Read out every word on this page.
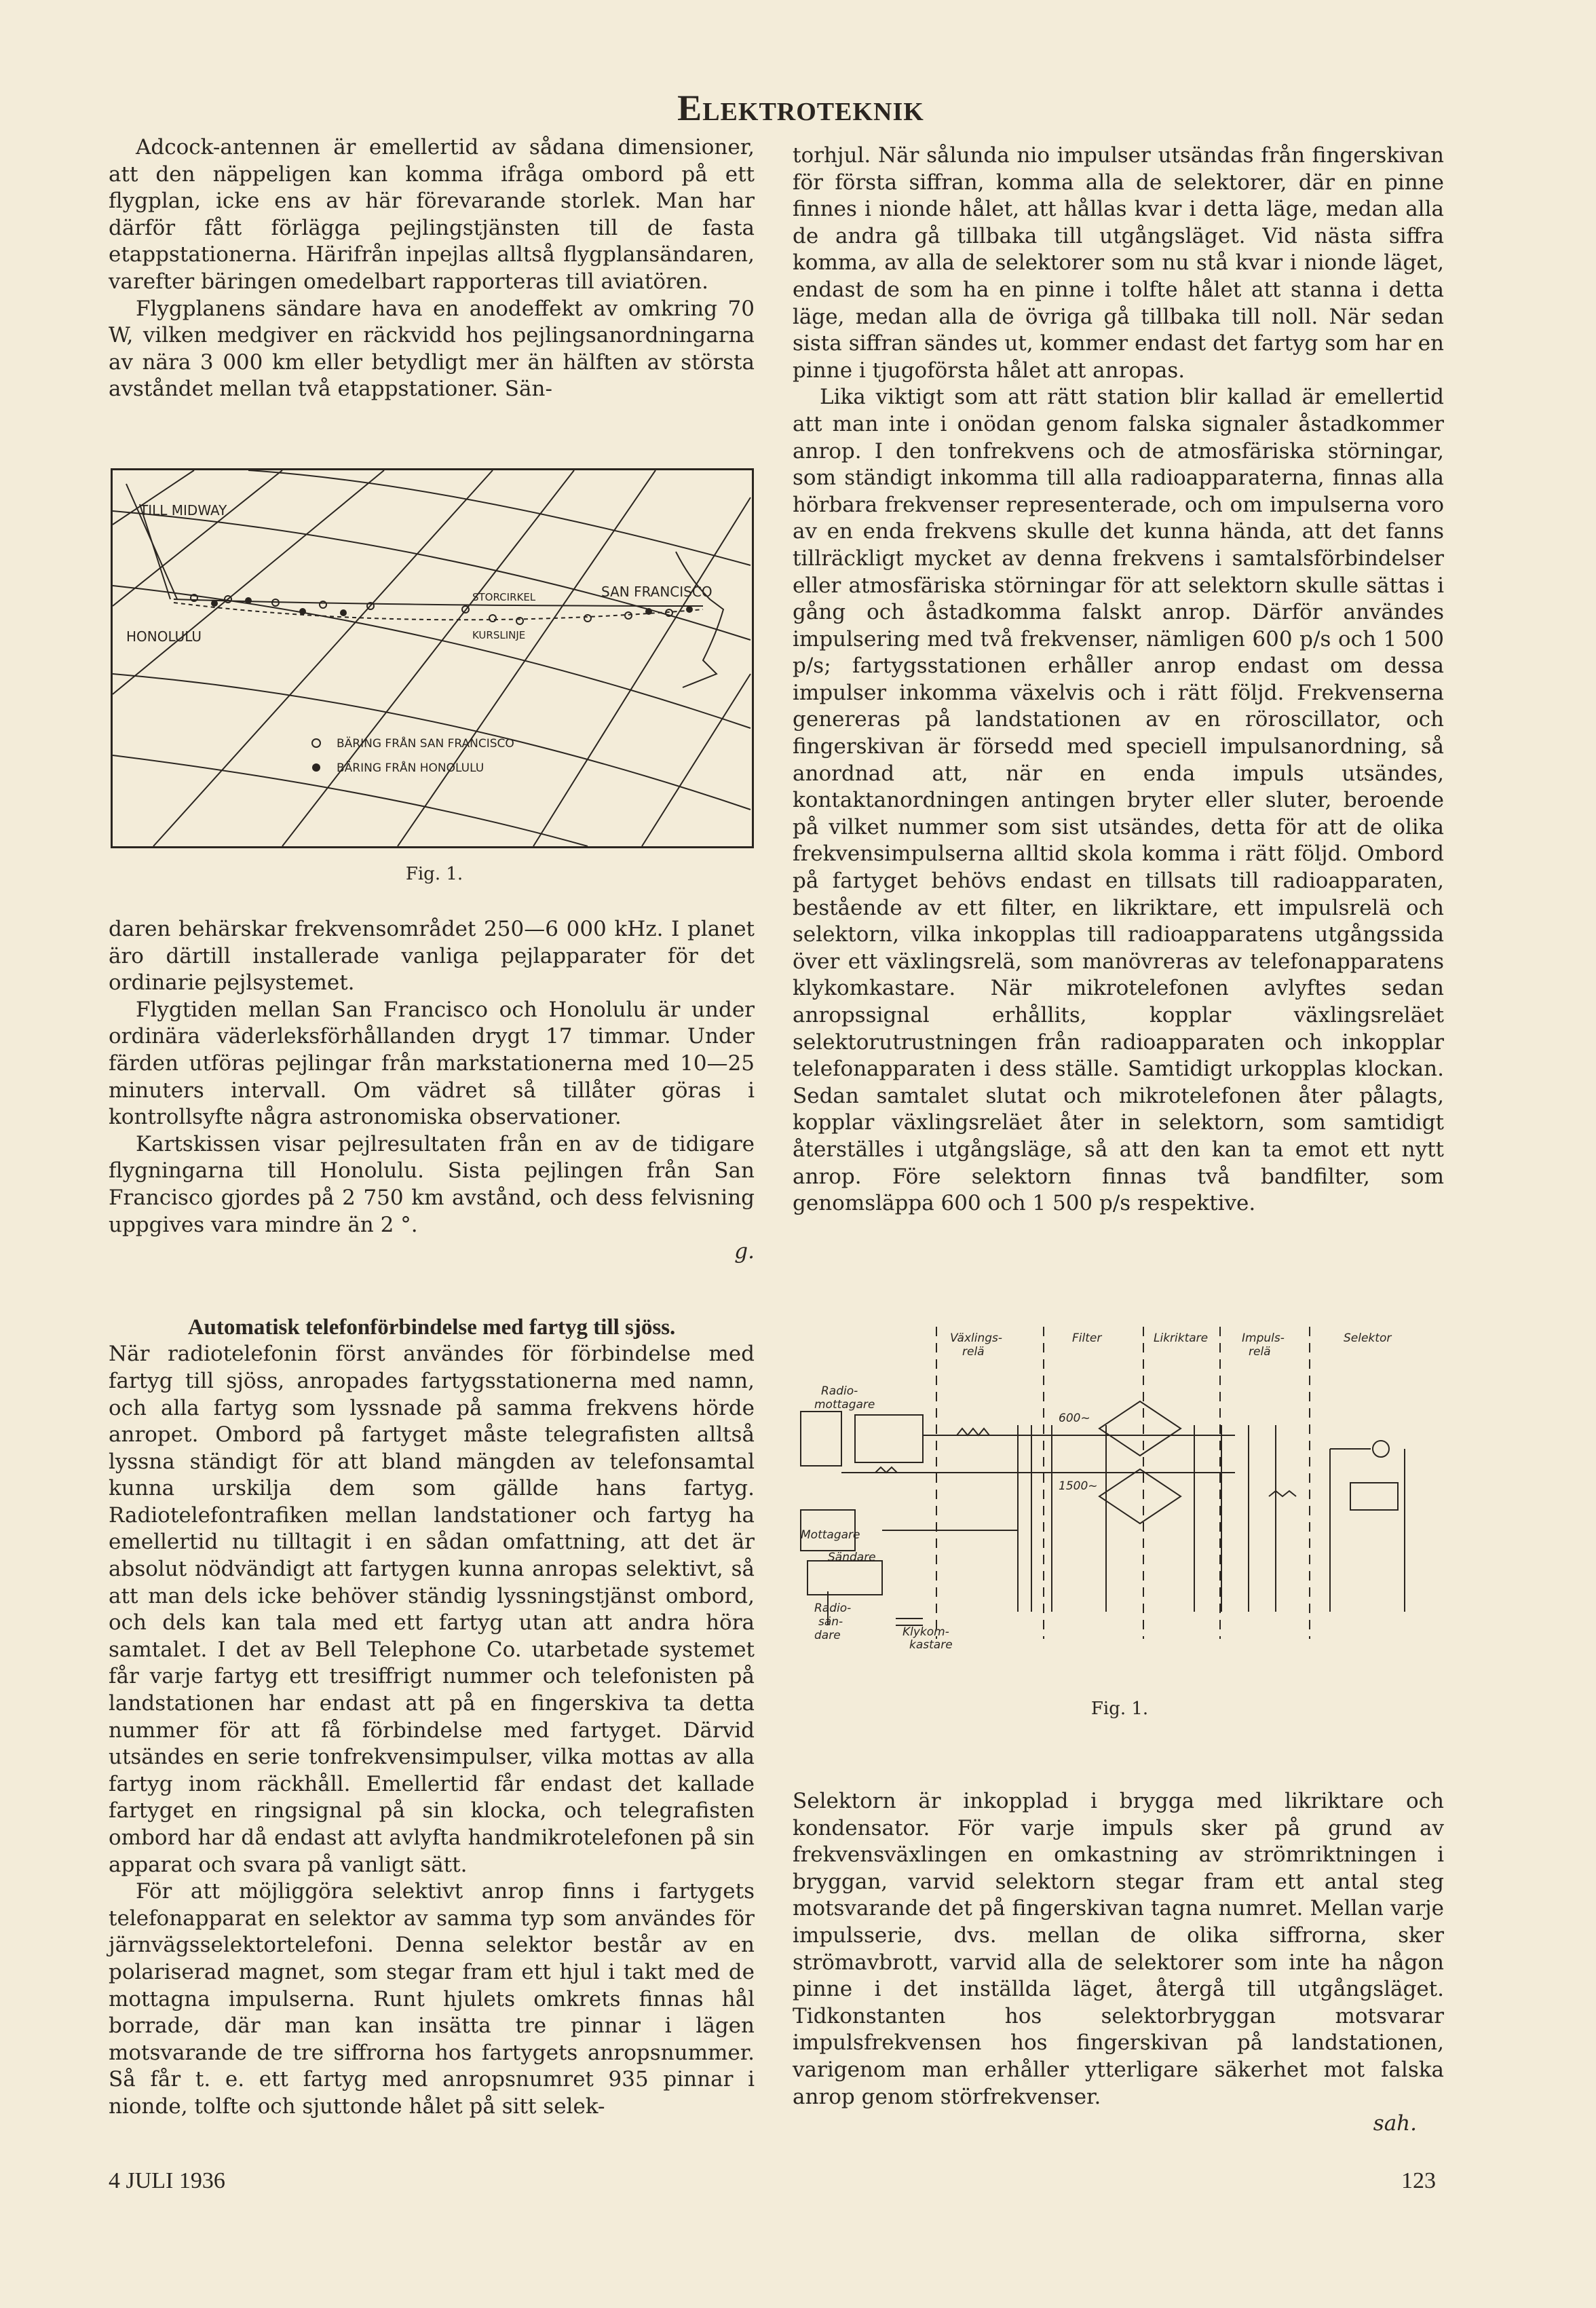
Elektroteknik

Adcock-antennen är emellertid av sådana dimensioner, att den näppeligen kan komma ifråga ombord på ett flygplan, icke ens av här förevarande storlek. Man har därför fått förlägga pejlingstjänsten till de fasta etappstationerna. Härifrån inpejlas alltså flygplansändaren, varefter bäringen omedelbart rapporteras till aviatören.

Flygplanens sändare hava en anodeffekt av omkring 70 W, vilken medgiver en räckvidd hos pejlingsanordningarna av nära 3 000 km eller betydligt mer än hälften av största avståndet mellan två etappstationer. Sän-

TILL MIDWAY
HONOLULU
SAN FRANCISCO
STORCIRKEL
KURSLINJE
BÄRING FRÅN SAN FRANCISCO
BÄRING FRÅN HONOLULU
Fig. 1.

daren behärskar frekvensområdet 250—6 000 kHz. I planet äro därtill installerade vanliga pejlapparater för det ordinarie pejlsystemet.

Flygtiden mellan San Francisco och Honolulu är under ordinära väderleksförhållanden drygt 17 timmar. Under färden utföras pejlingar från markstationerna med 10—25 minuters intervall. Om vädret så tillåter göras i kontrollsyfte några astronomiska observationer.

Kartskissen visar pejlresultaten från en av de tidigare flygningarna till Honolulu. Sista pejlingen från San Francisco gjordes på 2 750 km avstånd, och dess felvisning uppgives vara mindre än 2 °.

g.

Automatisk telefonförbindelse med fartyg till sjöss.

När radiotelefonin först användes för förbindelse med fartyg till sjöss, anropades fartygsstationerna med namn, och alla fartyg som lyssnade på samma frekvens hörde anropet. Ombord på fartyget måste telegrafisten alltså lyssna ständigt för att bland mängden av telefonsamtal kunna urskilja dem som gällde hans fartyg. Radiotelefontrafiken mellan landstationer och fartyg ha emellertid nu tilltagit i en sådan omfattning, att det är absolut nödvändigt att fartygen kunna anropas selektivt, så att man dels icke behöver ständig lyssningstjänst ombord, och dels kan tala med ett fartyg utan att andra höra samtalet. I det av Bell Telephone Co. utarbetade systemet får varje fartyg ett tresiffrigt nummer och telefonisten på landstationen har endast att på en fingerskiva ta detta nummer för att få förbindelse med fartyget. Därvid utsändes en serie tonfrekvensimpulser, vilka mottas av alla fartyg inom räckhåll. Emellertid får endast det kallade fartyget en ringsignal på sin klocka, och telegrafisten ombord har då endast att avlyfta handmikrotelefonen på sin apparat och svara på vanligt sätt.

För att möjliggöra selektivt anrop finns i fartygets telefonapparat en selektor av samma typ som användes för järnvägsselektortelefoni. Denna selektor består av en polariserad magnet, som stegar fram ett hjul i takt med de mottagna impulserna. Runt hjulets omkrets finnas hål borrade, där man kan insätta tre pinnar i lägen motsvarande de tre siffrorna hos fartygets anropsnummer. Så får t. e. ett fartyg med anropsnumret 935 pinnar i nionde, tolfte och sjuttonde hålet på sitt selek-

torhjul. När sålunda nio impulser utsändas från fingerskivan för första siffran, komma alla de selektorer, där en pinne finnes i nionde hålet, att hållas kvar i detta läge, medan alla de andra gå tillbaka till utgångsläget. Vid nästa siffra komma, av alla de selektorer som nu stå kvar i nionde läget, endast de som ha en pinne i tolfte hålet att stanna i detta läge, medan alla de övriga gå tillbaka till noll. När sedan sista siffran sändes ut, kommer endast det fartyg som har en pinne i tjugoförsta hålet att anropas.

Lika viktigt som att rätt station blir kallad är emellertid att man inte i onödan genom falska signaler åstadkommer anrop. I den tonfrekvens och de atmosfäriska störningar, som ständigt inkomma till alla radioapparaterna, finnas alla hörbara frekvenser representerade, och om impulserna voro av en enda frekvens skulle det kunna hända, att det fanns tillräckligt mycket av denna frekvens i samtalsförbindelser eller atmosfäriska störningar för att selektorn skulle sättas i gång och åstadkomma falskt anrop. Därför användes impulsering med två frekvenser, nämligen 600 p/s och 1 500 p/s; fartygsstationen erhåller anrop endast om dessa impulser inkomma växelvis och i rätt följd. Frekvenserna genereras på landstationen av en röroscillator, och fingerskivan är försedd med speciell impulsanordning, så anordnad att, när en enda impuls utsändes, kontaktanordningen antingen bryter eller sluter, beroende på vilket nummer som sist utsändes, detta för att de olika frekvensimpulserna alltid skola komma i rätt följd. Ombord på fartyget behövs endast en tillsats till radioapparaten, bestående av ett filter, en likriktare, ett impulsrelä och selektorn, vilka inkopplas till radioapparatens utgångssida över ett växlingsrelä, som manövreras av telefonapparatens klykomkastare. När mikrotelefonen avlyftes sedan anropssignal erhållits, kopplar växlingsreläet selektorutrustningen från radioapparaten och inkopplar telefonapparaten i dess ställe. Samtidigt urkopplas klockan. Sedan samtalet slutat och mikrotelefonen åter pålagts, kopplar växlingsreläet åter in selektorn, som samtidigt återställes i utgångsläge, så att den kan ta emot ett nytt anrop. Före selektorn finnas två bandfilter, som genomsläppa 600 och 1 500 p/s respektive.

Växlings-
relä
Filter	Likriktare	Impuls-
relä
Selektor
Radio-
mottagare
Mottagare
Sändare
Radio-
sän-
dare	Klykom-
kastare
600~
1500~
Fig. 1.

Selektorn är inkopplad i brygga med likriktare och kondensator. För varje impuls sker på grund av frekvensväxlingen en omkastning av strömriktningen i bryggan, varvid selektorn stegar fram ett antal steg motsvarande det på fingerskivan tagna numret. Mellan varje impulsserie, dvs. mellan de olika siffrorna, sker strömavbrott, varvid alla de selektorer som inte ha någon pinne i det inställda läget, återgå till utgångsläget. Tidkonstanten hos selektorbryggan motsvarar impulsfrekvensen hos fingerskivan på landstationen, varigenom man erhåller ytterligare säkerhet mot falska anrop genom störfrekvenser.

sah.

4 JULI 1936	123
